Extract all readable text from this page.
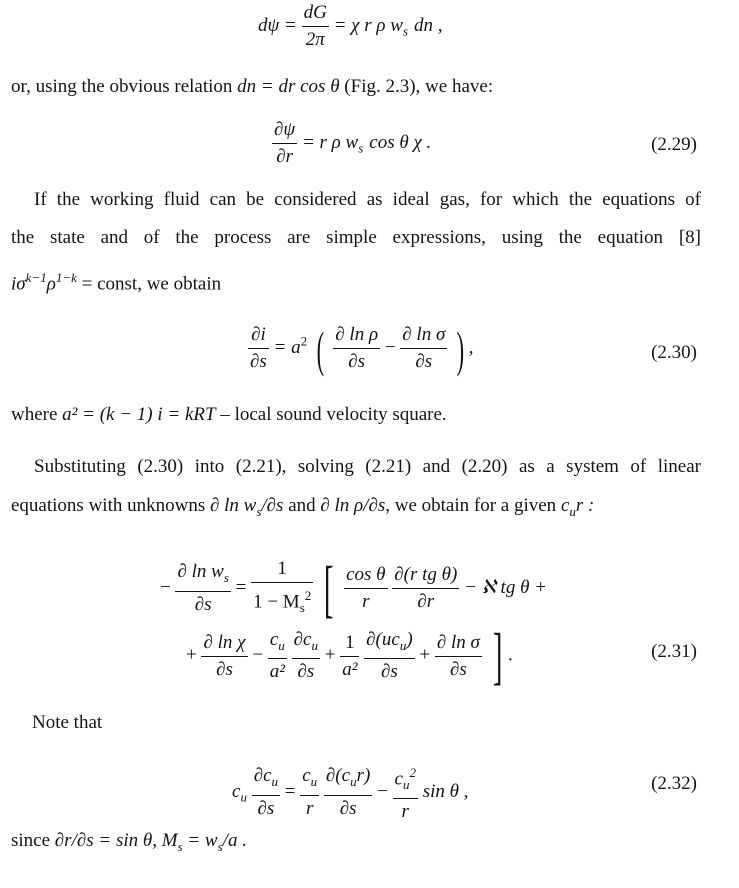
$d\psi = \frac{dG}{2\pi} = \chi$ r ρ $w_s$ dn ,
or, using the obvious relation dn = dr cos θ (Fig. 2.3), we have:
$\frac{\partial\psi}{\partial r} = r$ ρ $w_s$ cos θ χ .	(2.29)
If the working fluid can be considered as ideal gas, for which the equations of
the state and of the process are simple expressions, using the equation [8]
$i\sigma^{k-1}\rho^{1-k}$ = const, we obtain
$\frac{\partial i}{\partial s} = a^2$ ( $\frac{\text{∂ ln ρ}}{\partial s} - \frac{\text{∂ ln σ}}{\partial s}$ ) ,	(2.30)
where a² = (k − 1) i = kRT – local sound velocity square.
Substituting (2.30) into (2.21), solving (2.21) and (2.20) as a system of linear
equations with unknowns ∂ $\ln w_s/\partial s$ and ∂ ln ρ/∂s, we obtain for a given $c_ur$ :
− $\frac{\partial \ln w_s}{\partial s} = \frac{1}{1 - M_s^2}$ [ $\frac{\text{cos θ}}{r}$
$\frac{\text{∂(r tg θ)}}{\partial r}$ − ℵ tg θ +
+ $\frac{\text{∂ ln χ}}{\partial s} - \frac{c_u}{\text{a²}}$
$\frac{\partial c_u}{\partial s} + \frac{1}{\text{a²}}$
$\frac{\partial(uc_u)}{\partial s} + \frac{\text{∂ ln σ}}{\partial s}$ ] .	(2.31)
Note that
$c_u \frac{\partial c_u}{\partial s} = \frac{c_u}{r}$
$\frac{\partial(c_ur)}{\partial s} - \frac{c_u^2}{r}$ sin θ ,	(2.32)
since ∂r/∂s = sin θ, $M_s = w_s/a$ .
